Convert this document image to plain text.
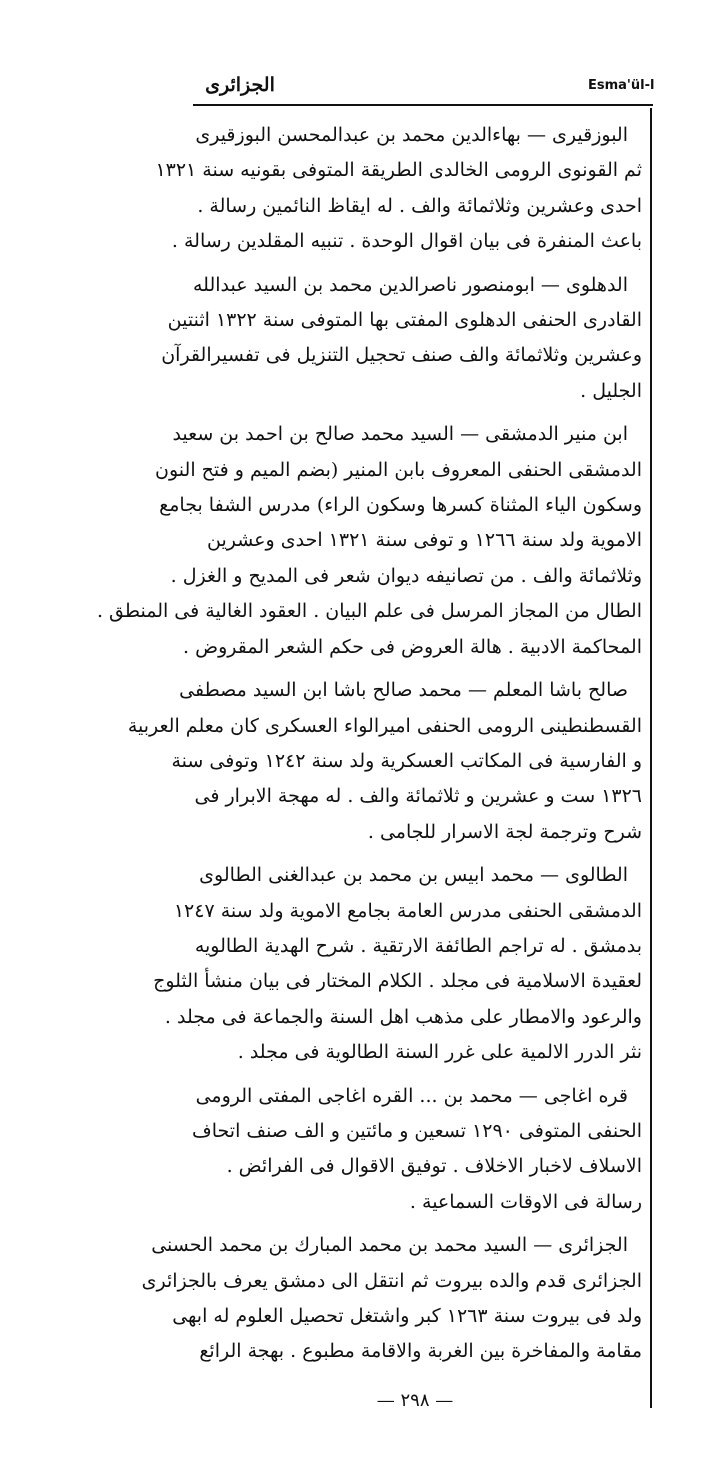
Esma'ül-l
الجزائرى
البوزقيرى — بهاءالدين محمد بن عبدالمحسن البوزقيرى
ثم القونوى الرومى الخالدى الطريقة المتوفى بقونيه سنة ١٣٢١
احدى وعشرين وثلاثمائة والف . له ايقاظ النائمين رسالة .
باعث المنفرة فى بيان اقوال الوحدة . تنبيه المقلدين رسالة .
الدهلوى — ابومنصور ناصرالدين محمد بن السيد عبدالله
القادرى الحنفى الدهلوى المفتى بها المتوفى سنة ١٣٢٢ اثنتين
وعشرين وثلاثمائة والف صنف تحجيل التنزيل فى تفسيرالقرآن
الجليل .
ابن منير الدمشقى — السيد محمد صالح بن احمد بن سعيد
الدمشقى الحنفى المعروف بابن المنير (بضم الميم و فتح النون
وسكون الياء المثناة كسرها وسكون الراء) مدرس الشفا بجامع
الاموية ولد سنة ١٢٦٦ و توفى سنة ١٣٢١ احدى وعشرين
وثلاثمائة والف . من تصانيفه ديوان شعر فى المديح و الغزل .
الطال من المجاز المرسل فى علم البيان . العقود الغالية فى المنطق .
المحاكمة الادبية . هالة العروض فى حكم الشعر المقروض .
صالح باشا المعلم — محمد صالح باشا ابن السيد مصطفى
القسطنطينى الرومى الحنفى اميرالواء العسكرى كان معلم العربية
و الفارسية فى المكاتب العسكرية ولد سنة ١٢٤٢ وتوفى سنة
١٣٢٦ ست و عشرين و ثلاثمائة والف . له مهجة الابرار فى
شرح وترجمة لجة الاسرار للجامى .
الطالوى — محمد ابيس بن محمد بن عبدالغنى الطالوى
الدمشقى الحنفى مدرس العامة بجامع الاموية ولد سنة ١٢٤٧
بدمشق . له تراجم الطائفة الارتقية . شرح الهدية الطالويه
لعقيدة الاسلامية فى مجلد . الكلام المختار فى بيان منشأ الثلوج
والرعود والامطار على مذهب اهل السنة والجماعة فى مجلد .
نثر الدرر الالمية على غرر السنة الطالوية فى مجلد .
قره اغاجى — محمد بن ... القره اغاجى المفتى الرومى
الحنفى المتوفى ١٢٩٠ تسعين و مائتين و الف صنف اتحاف
الاسلاف لاخبار الاخلاف . توفيق الاقوال فى الفرائض .
رسالة فى الاوقات السماعية .
الجزائرى — السيد محمد بن محمد المبارك بن محمد الحسنى
الجزائرى قدم والده بيروت ثم انتقل الى دمشق يعرف بالجزائرى
ولد فى بيروت سنة ١٢٦٣ كبر واشتغل تحصيل العلوم له ابهى
مقامة والمفاخرة بين الغربة والاقامة مطبوع . بهجة الرائع
— ٢٩٨ —
